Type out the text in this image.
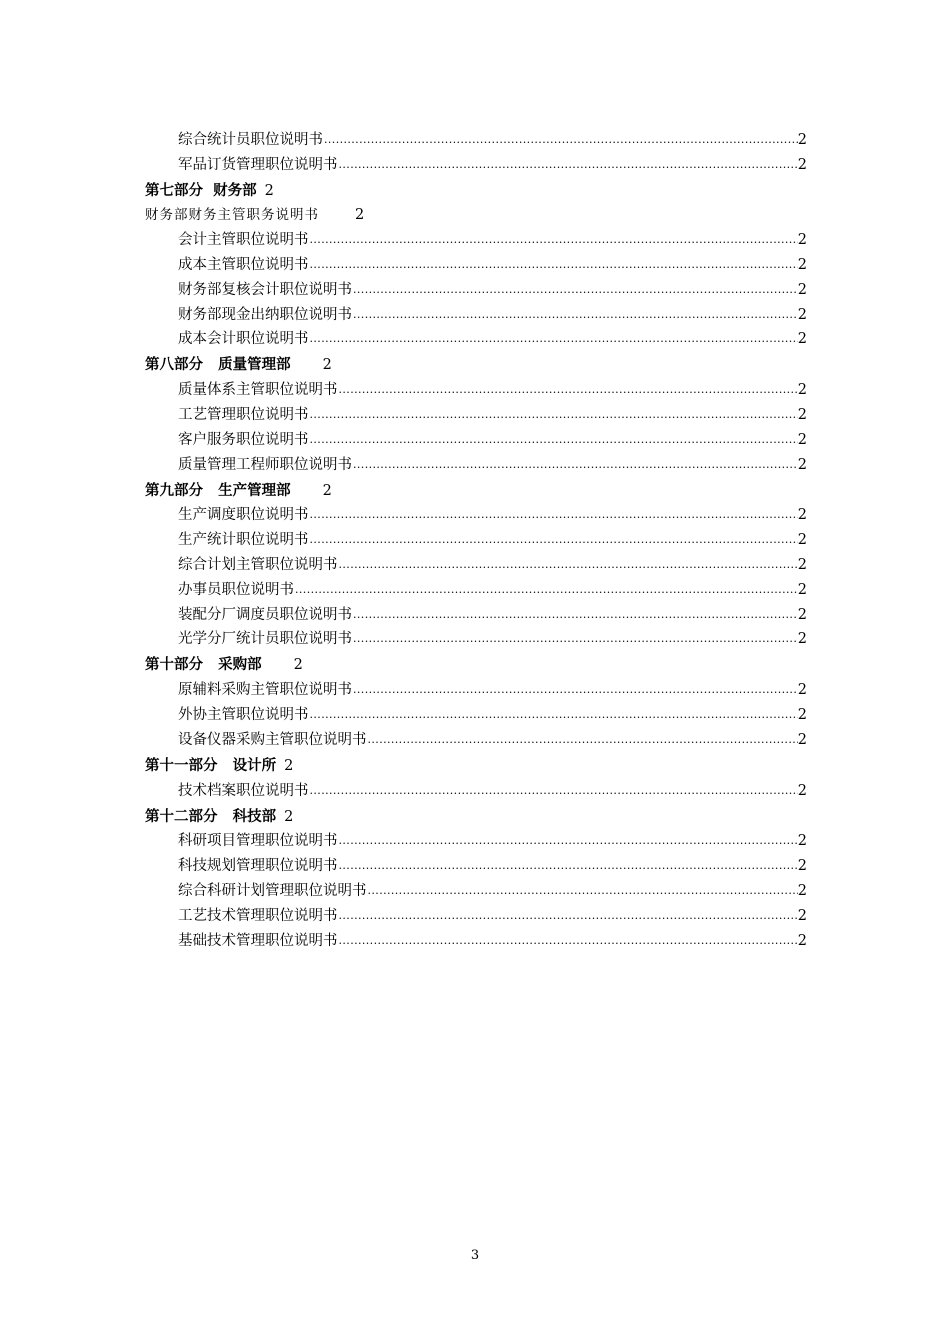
综合统计员职位说明书 .....	2
军品订货管理职位说明书 .....	2
第七部分  财务部 2
财务部财务主管职务说明书 2
会计主管职位说明书 .....	2
成本主管职位说明书 .....	2
财务部复核会计职位说明书 .....	2
财务部现金出纳职位说明书 .....	2
成本会计职位说明书 .....	2
第八部分   质量管理部 2
质量体系主管职位说明书 .....	2
工艺管理职位说明书 .....	2
客户服务职位说明书 .....	2
质量管理工程师职位说明书 .....	2
第九部分   生产管理部 2
生产调度职位说明书 .....	2
生产统计职位说明书 .....	2
综合计划主管职位说明书 .....	2
办事员职位说明书 .....	2
装配分厂调度员职位说明书 .....	2
光学分厂统计员职位说明书 .....	2
第十部分   采购部 2
原辅料采购主管职位说明书 .....	2
外协主管职位说明书 .....	2
设备仪器采购主管职位说明书 .....	2
第十一部分   设计所 2
技术档案职位说明书 .....	2
第十二部分   科技部 2
科研项目管理职位说明书 .....	2
科技规划管理职位说明书 .....	2
综合科研计划管理职位说明书 .....	2
工艺技术管理职位说明书 .....	2
基础技术管理职位说明书 .....	2
3
